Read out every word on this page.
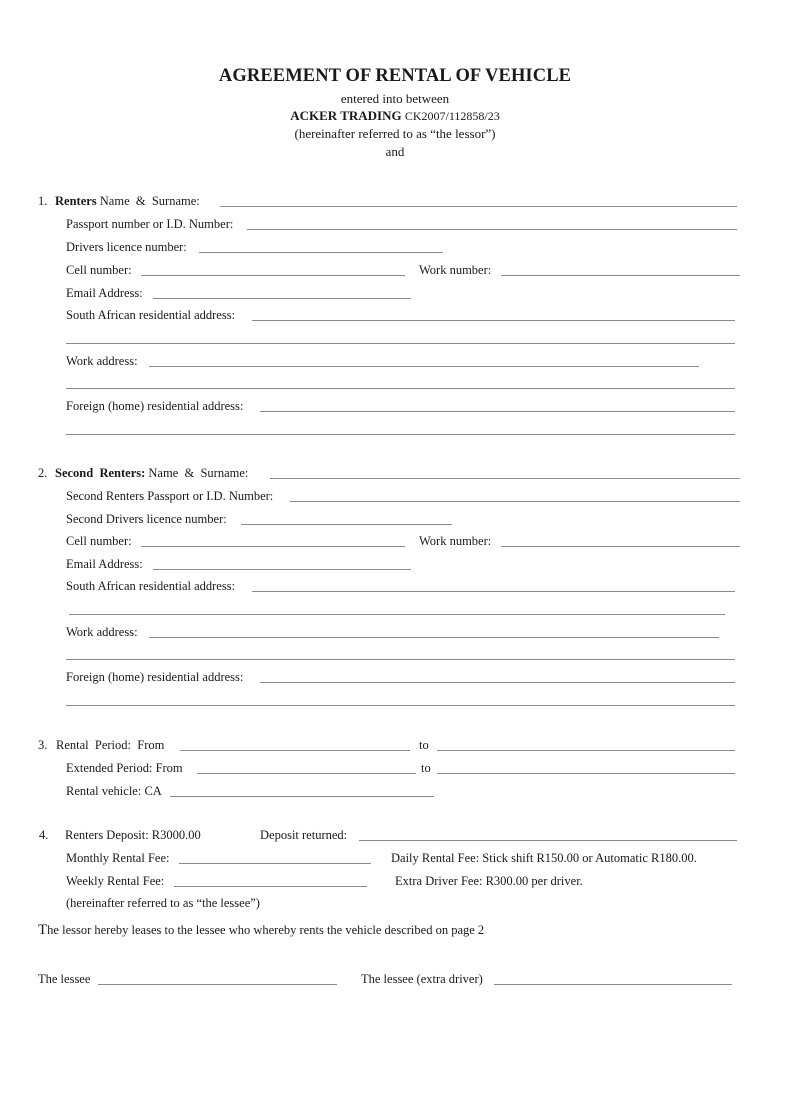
AGREEMENT OF RENTAL OF VEHICLE
entered into between
ACKER TRADING CK2007/112858/23
(hereinafter referred to as “the lessor”)
and
1. Renters Name  &  Surname:
Passport number or I.D. Number:
Drivers licence number:
Cell number:	Work number:
Email Address:
South African residential address:
Work address:
Foreign (home) residential address:
2. Second  Renters: Name  &  Surname:
Second Renters Passport or I.D. Number:
Second Drivers licence number:
Cell number:	Work number:
Email Address:
South African residential address:
Work address:
Foreign (home) residential address:
3. Rental  Period:  From	to
Extended Period: From	to
Rental vehicle: CA
4. Renters Deposit: R3000.00	Deposit returned:
Monthly Rental Fee:	Daily Rental Fee: Stick shift R150.00 or Automatic R180.00.
Weekly Rental Fee:	Extra Driver Fee: R300.00 per driver.
(hereinafter referred to as “the lessee”)
The lessor hereby leases to the lessee who whereby rents the vehicle described on page 2
The lessee	The lessee (extra driver)
